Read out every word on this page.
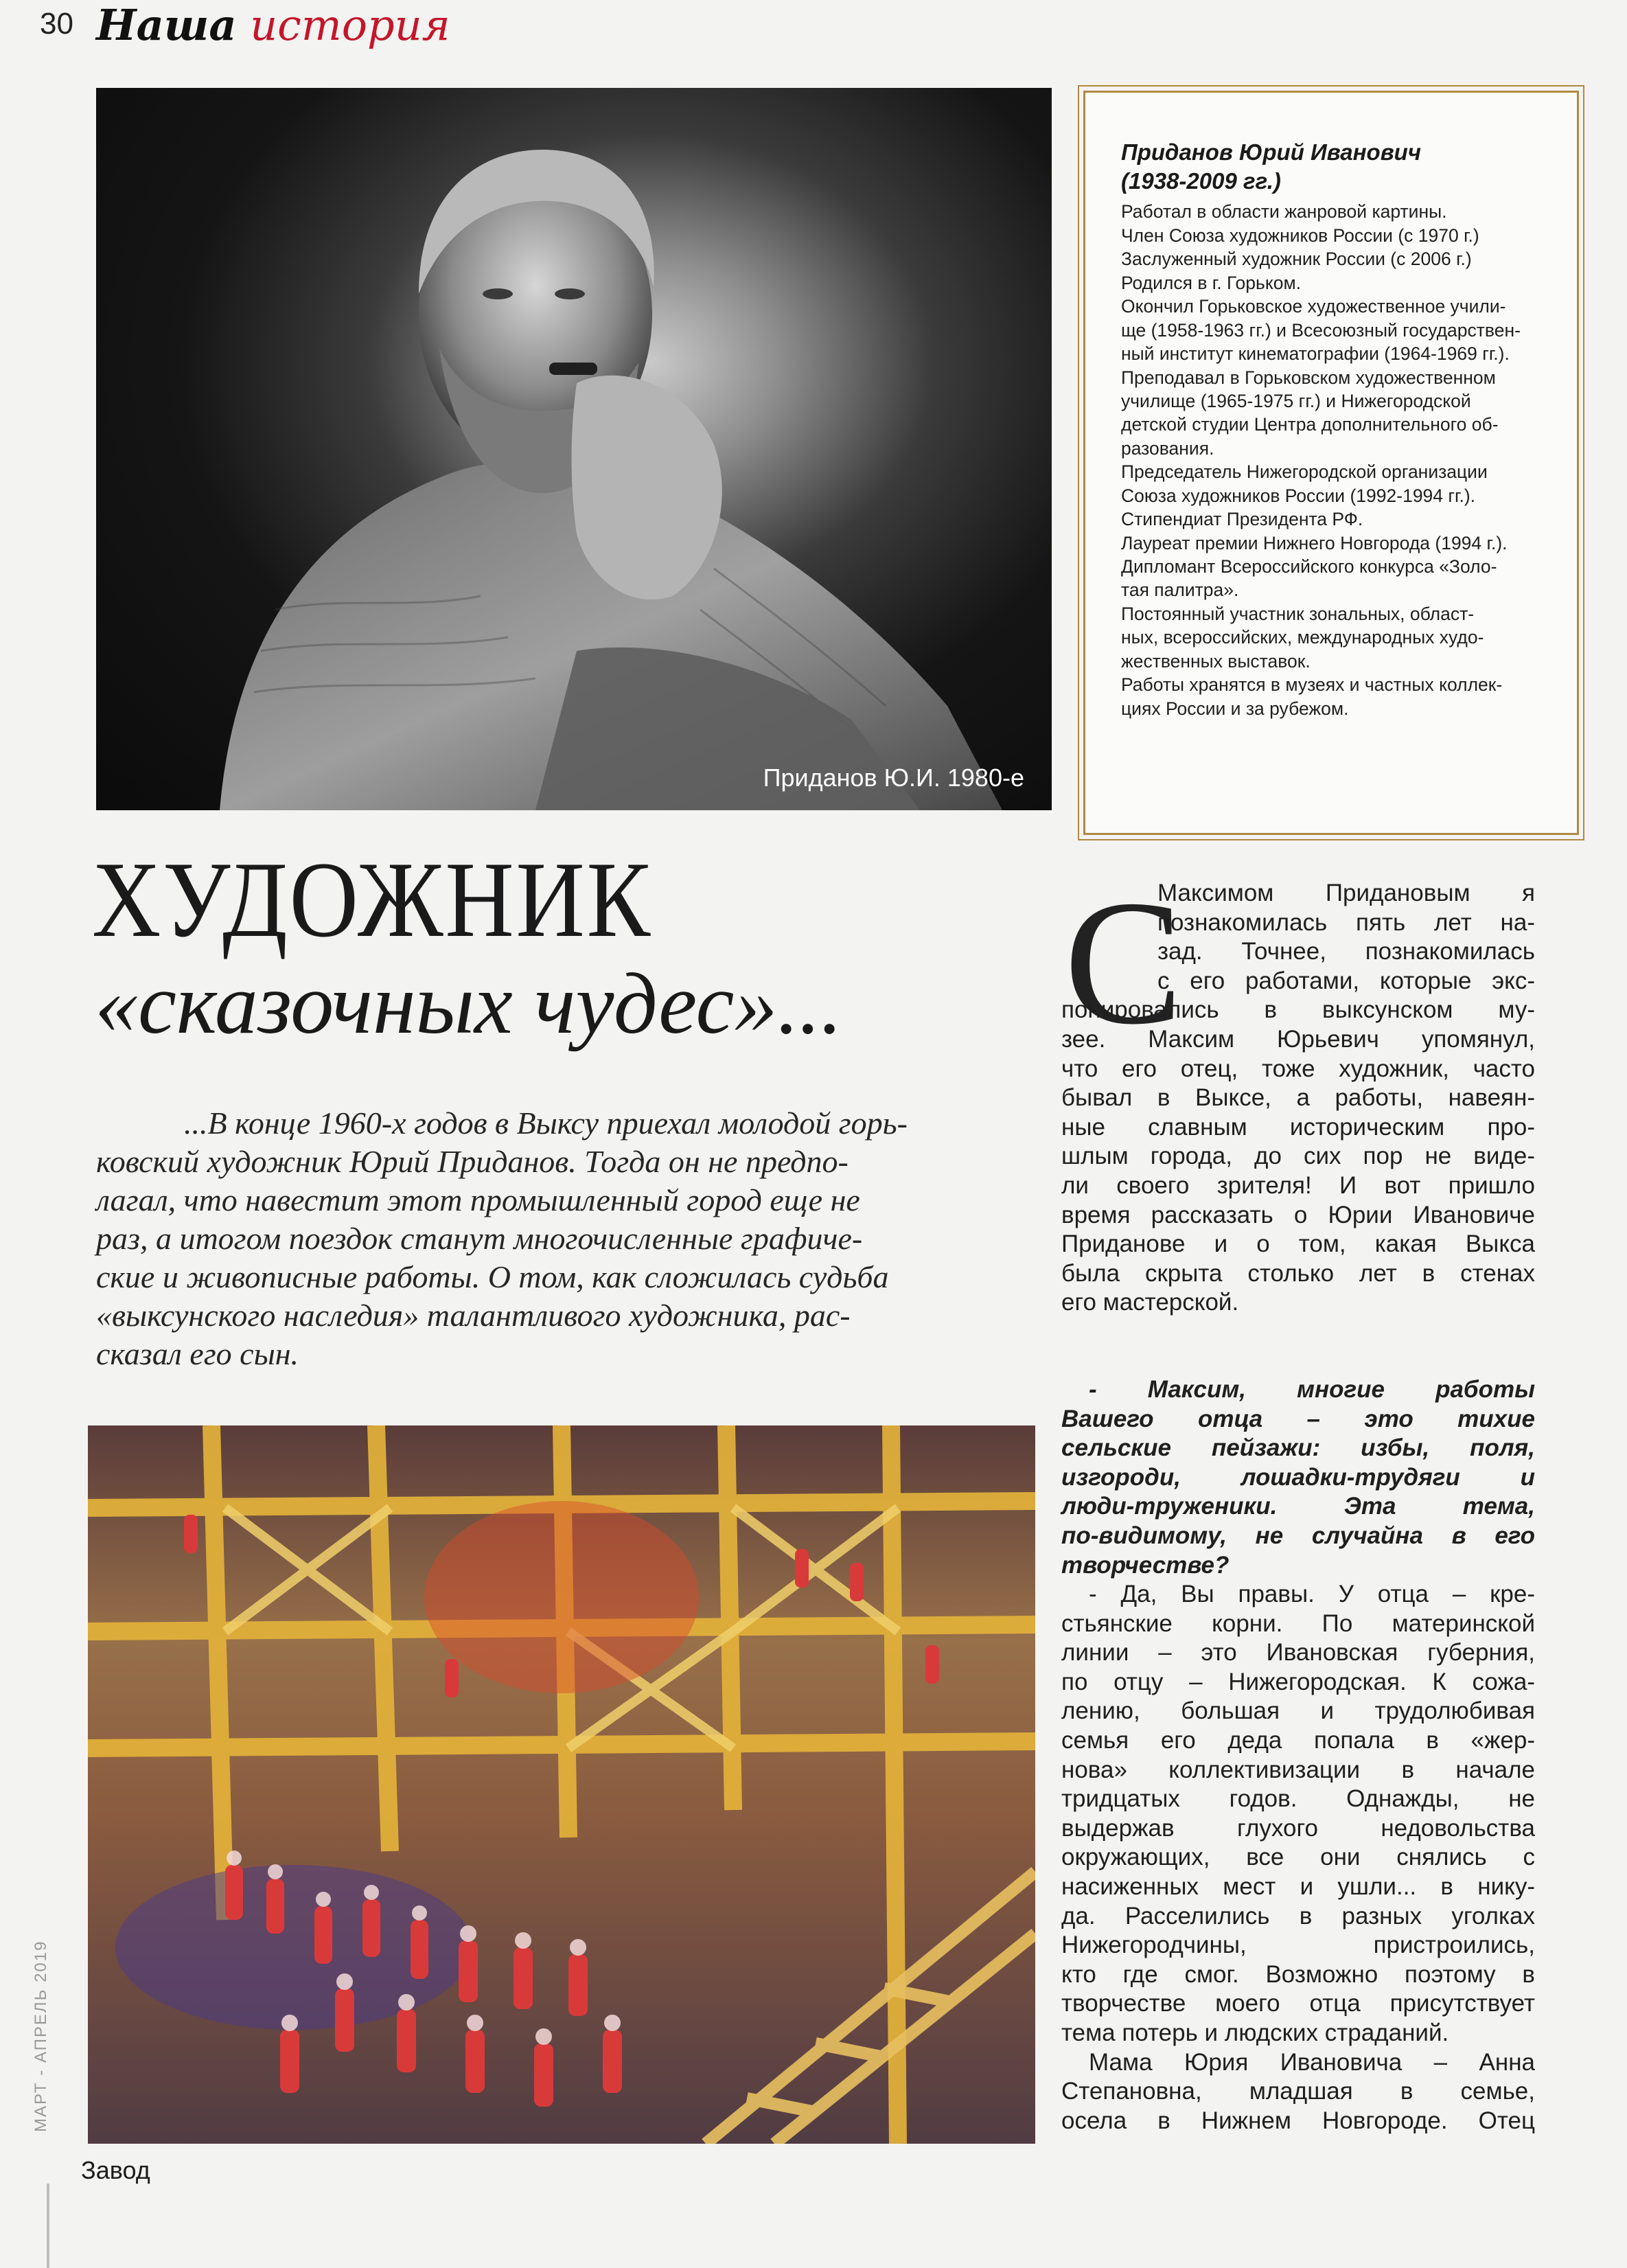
30 Наша история
Приданов Ю.И. 1980-е
Приданов Юрий Иванович
(1938-2009 гг.)
Работал в области жанровой картины.
Член Союза художников России (с 1970 г.)
Заслуженный художник России (с 2006 г.)
Родился в г. Горьком.
Окончил Горьковское художественное учили-
ще (1958-1963 гг.) и Всесоюзный государствен-
ный институт кинематографии (1964-1969 гг.).
Преподавал в Горьковском художественном
училище (1965-1975 гг.) и Нижегородской
детской студии Центра дополнительного об-
разования.
Председатель Нижегородской организации
Союза художников России (1992-1994 гг.).
Стипендиат Президента РФ.
Лауреат премии Нижнего Новгорода (1994 г.).
Дипломант Всероссийского конкурса «Золо-
тая палитра».
Постоянный участник зональных, област-
ных, всероссийских, международных худо-
жественных выставок.
Работы хранятся в музеях и частных коллек-
циях России и за рубежом.
ХУДОЖНИК
«сказочных чудес»...
...В конце 1960-х годов в Выксу приехал молодой горь-
ковский художник Юрий Приданов. Тогда он не предпо-
лагал, что навестит этот промышленный город еще не
раз, а итогом поездок станут многочисленные графиче-
ские и живописные работы. О том, как сложилась судьба
«выксунского наследия» талантливого художника, рас-
сказал его сын.
Завод
МАРТ - АПРЕЛЬ 2019
С
Максимом Придановым я
познакомилась пять лет на-
зад. Точнее, познакомилась
с его работами, которые экс-
понировались в выксунском му-
зее. Максим Юрьевич упомянул,
что его отец, тоже художник, часто
бывал в Выксе, а работы, навеян-
ные славным историческим про-
шлым города, до сих пор не виде-
ли своего зрителя! И вот пришло
время рассказать о Юрии Ивановиче
Приданове и о том, какая Выкса
была скрыта столько лет в стенах
его мастерской.
- Максим, многие работы
Вашего отца – это тихие
сельские пейзажи: избы, поля,
изгороди, лошадки-трудяги и
люди-труженики. Эта тема,
по-видимому, не случайна в его
творчестве?
- Да, Вы правы. У отца – кре-
стьянские корни. По материнской
линии – это Ивановская губерния,
по отцу – Нижегородская. К сожа-
лению, большая и трудолюбивая
семья его деда попала в «жер-
нова» коллективизации в начале
тридцатых годов. Однажды, не
выдержав глухого недовольства
окружающих, все они снялись с
насиженных мест и ушли... в нику-
да. Расселились в разных уголках
Нижегородчины, пристроились,
кто где смог. Возможно поэтому в
творчестве моего отца присутствует
тема потерь и людских страданий.
Мама Юрия Ивановича – Анна
Степановна, младшая в семье,
осела в Нижнем Новгороде. Отец
